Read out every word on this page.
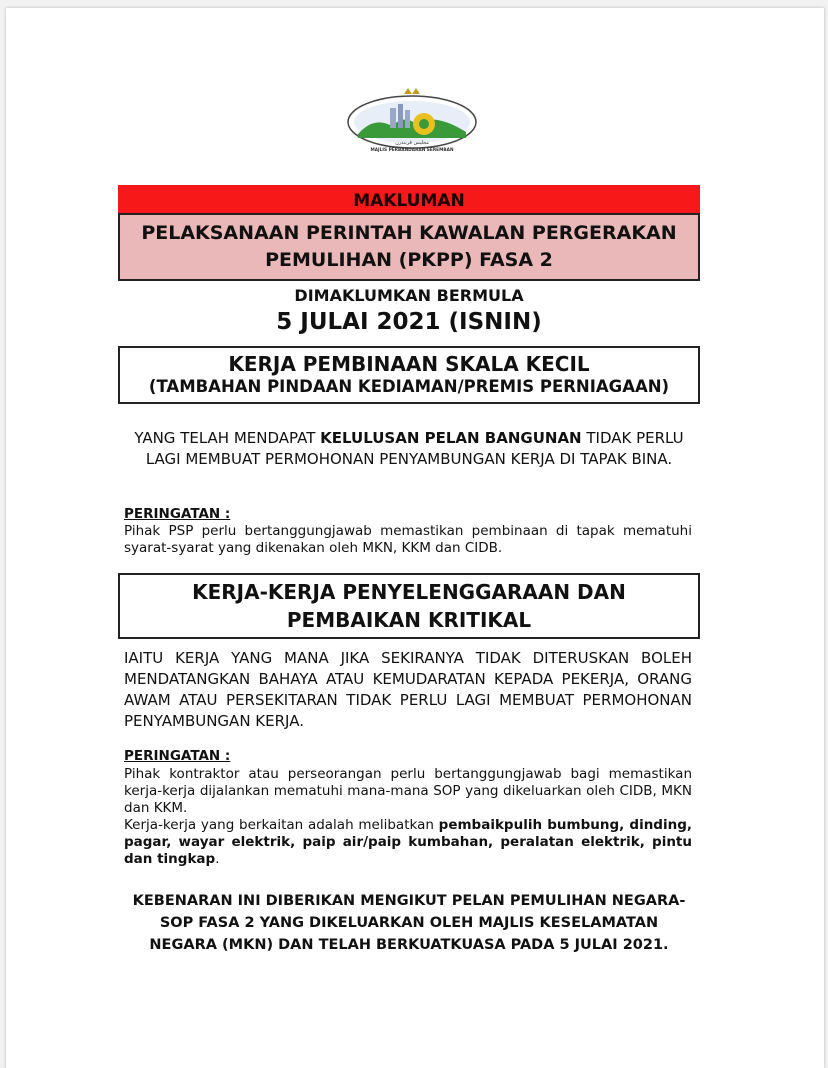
مجليس ڤربندرن
MAJLIS PERBANDARAN SEREMBAN
MAKLUMAN
PELAKSANAAN PERINTAH KAWALAN PERGERAKAN
PEMULIHAN (PKPP) FASA 2
DIMAKLUMKAN BERMULA
5 JULAI 2021 (ISNIN)
KERJA PEMBINAAN SKALA KECIL
(TAMBAHAN PINDAAN KEDIAMAN/PREMIS PERNIAGAAN)
YANG TELAH MENDAPAT KELULUSAN PELAN BANGUNAN TIDAK PERLU LAGI MEMBUAT PERMOHONAN PENYAMBUNGAN KERJA DI TAPAK BINA.
PERINGATAN :
Pihak PSP perlu bertanggungjawab memastikan pembinaan di tapak mematuhi syarat-syarat yang dikenakan oleh MKN, KKM dan CIDB.
KERJA-KERJA PENYELENGGARAAN DAN
PEMBAIKAN KRITIKAL
IAITU KERJA YANG MANA JIKA SEKIRANYA TIDAK DITERUSKAN BOLEH MENDATANGKAN BAHAYA ATAU KEMUDARATAN KEPADA PEKERJA, ORANG AWAM ATAU PERSEKITARAN TIDAK PERLU LAGI MEMBUAT PERMOHONAN PENYAMBUNGAN KERJA.
PERINGATAN :
Pihak kontraktor atau perseorangan perlu bertanggungjawab bagi memastikan kerja-kerja dijalankan mematuhi mana-mana SOP yang dikeluarkan oleh CIDB, MKN dan KKM.
Kerja-kerja yang berkaitan adalah melibatkan pembaikpulih bumbung, dinding, pagar, wayar elektrik, paip air/paip kumbahan, peralatan elektrik, pintu dan tingkap.
KEBENARAN INI DIBERIKAN MENGIKUT PELAN PEMULIHAN NEGARA-
SOP FASA 2 YANG DIKELUARKAN OLEH MAJLIS KESELAMATAN
NEGARA (MKN) DAN TELAH BERKUATKUASA PADA 5 JULAI 2021.
